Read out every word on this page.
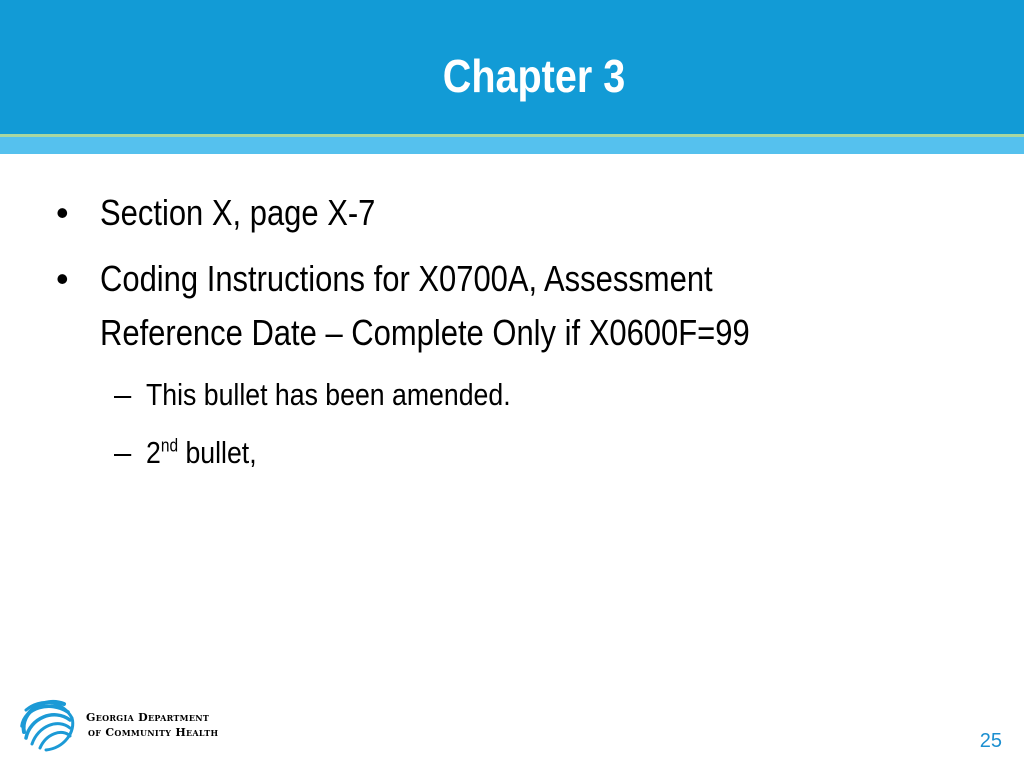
Chapter 3
• Section X, page X-7
• Coding Instructions for X0700A, Assessment
Reference Date – Complete Only if X0600F=99
– This bullet has been amended.
– 2nd bullet,
Georgia Department
of Community Health	25
